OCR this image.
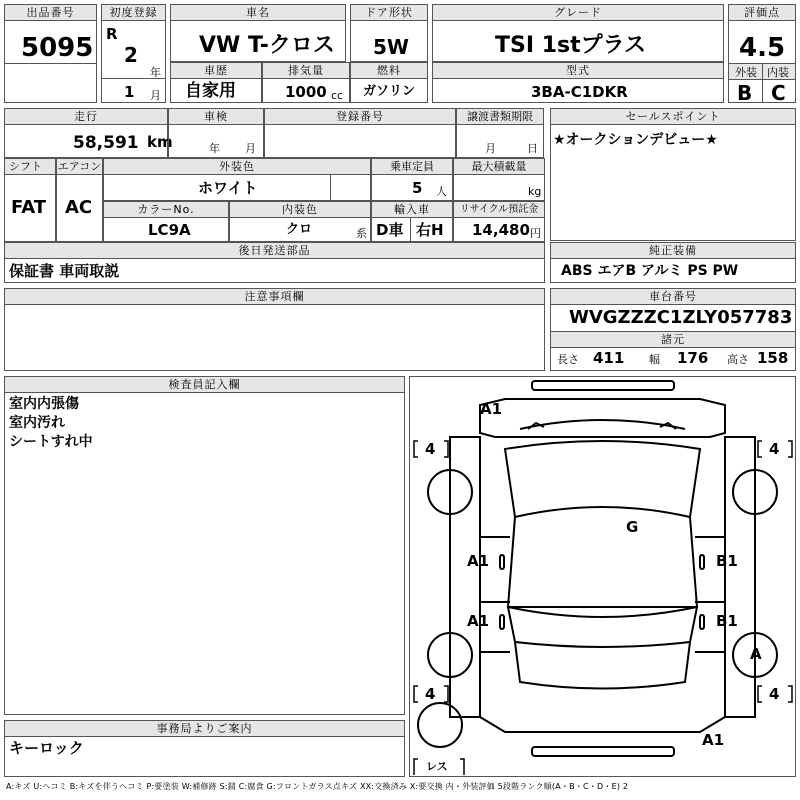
出品番号
5095
初度登録
R
2
年
1 月
車名
VW T-クロス
ドア形状
5W
グレード
TSI 1stプラス
評価点
4.5
外装 内装
B C
車歴
自家用
排気量
1000 cc
燃料
ガソリン
型式
3BA-C1DKR
走行
58,591 km
車検
年 月
登録番号	譲渡書類期限
月	日
セールスポイント
★オークションデビュー★
シフト
FAT
エアコン
AC
外装色
ホワイト
乗車定員
5 人
最大積載量
kg
カラーNo.
LC9A
内装色
クロ	系
輸入車
D車 右H
リサイクル預託金
14,480 円
後日発送部品
保証書 車両取説
純正装備
ABS エアB アルミ PS PW
注意事項欄	車台番号
WVGZZZC1ZLY057783
諸元
長さ 411 幅 176 高さ 158
検査員記入欄
室内内張傷
室内汚れ
シートすれ中
事務局よりご案内
キーロック
A1
4	4
G
A1	B1
A1	B1
A
4	4
A1
レス
A:キズ U:ヘコミ B:キズを伴うヘコミ P:要塗装 W:補修跡 S:錆 C:腐食 G:フロントガラス点キズ XX:交換済み X:要交換 内・外装評価 5段階ランク順(A・B・C・D・E) 2
